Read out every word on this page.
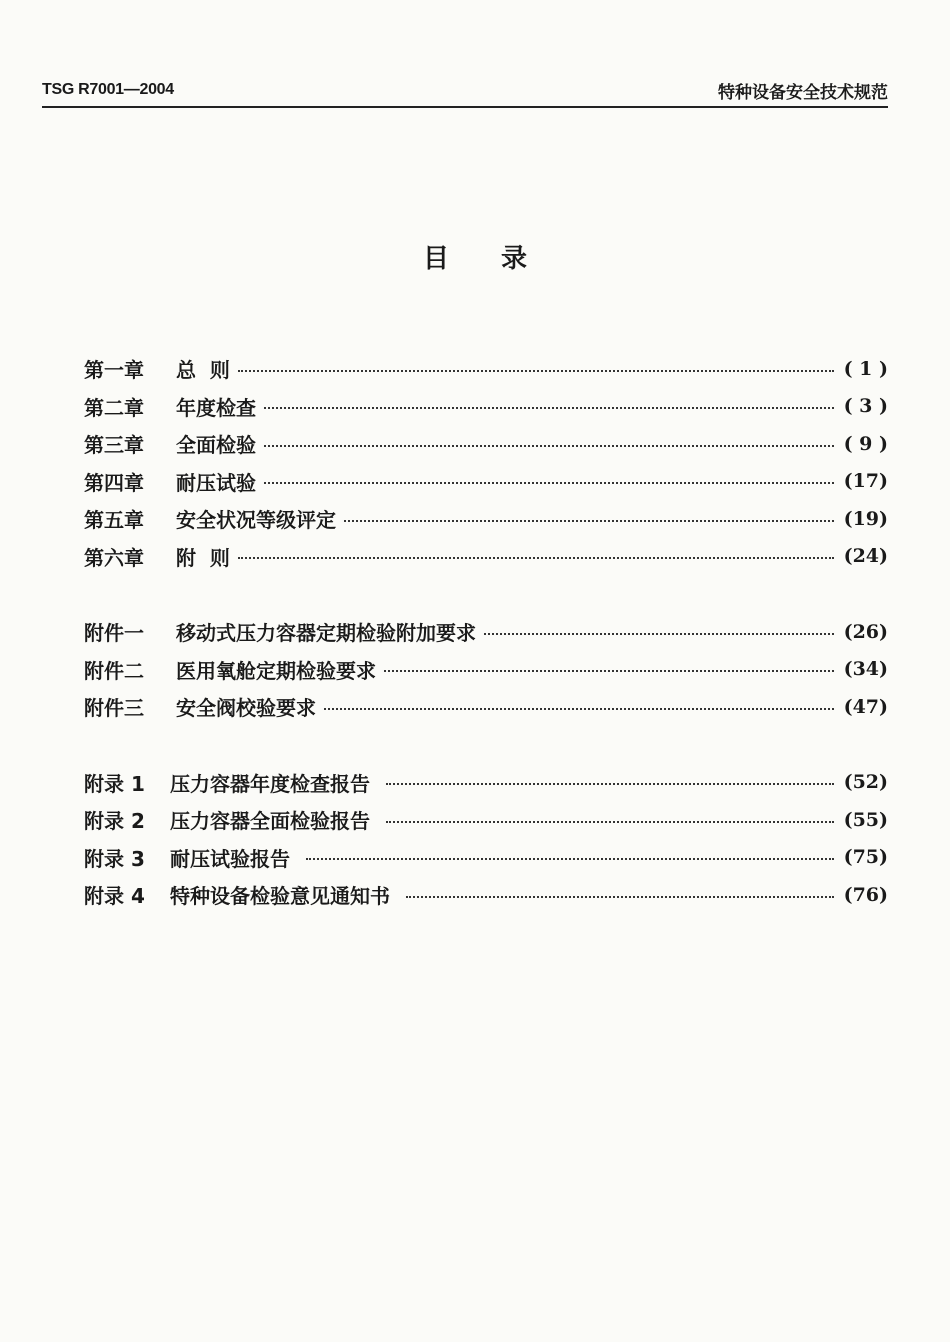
TSG R7001—2004	特种设备安全技术规范
目录
第一章	总  则	( 1 )
第二章	年度检查	( 3 )
第三章	全面检验	( 9 )
第四章	耐压试验	(17)
第五章	安全状况等级评定	(19)
第六章	附  则	(24)
附件一	移动式压力容器定期检验附加要求	(26)
附件二	医用氧舱定期检验要求	(34)
附件三	安全阀校验要求	(47)
附录 1	压力容器年度检查报告	(52)
附录 2	压力容器全面检验报告	(55)
附录 3	耐压试验报告	(75)
附录 4	特种设备检验意见通知书	(76)
